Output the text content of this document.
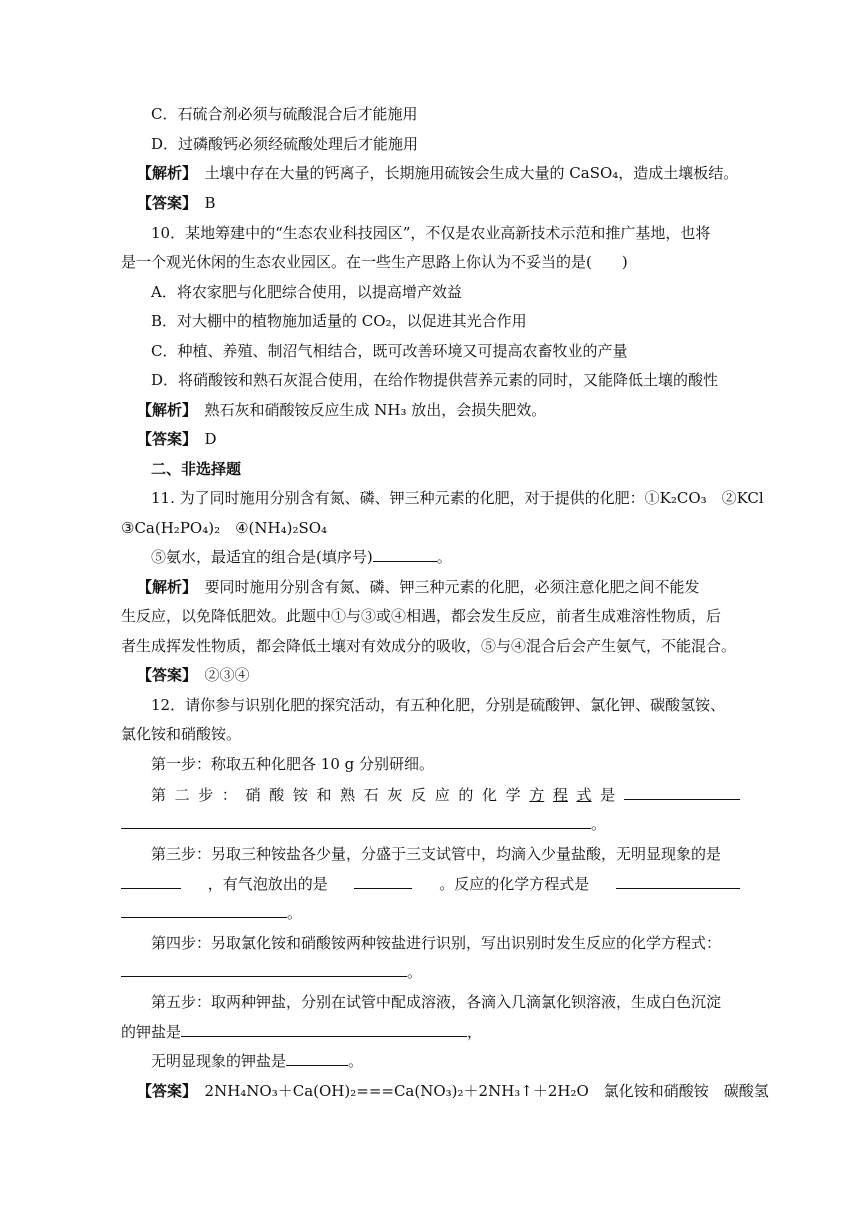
C．石硫合剂必须与硫酸混合后才能施用
D．过磷酸钙必须经硫酸处理后才能施用
【解析】　 土壤中存在大量的钙离子，长期施用硫铵会生成大量的 CaSO₄，造成土壤板结。
【答案】　 B
10．某地筹建中的“生态农业科技园区”，不仅是农业高新技术示范和推广基地，也将
是一个观光休闲的生态农业园区。在一些生产思路上你认为不妥当的是(　　)
A．将农家肥与化肥综合使用，以提高增产效益
B．对大棚中的植物施加适量的 CO₂，以促进其光合作用
C．种植、养殖、制沼气相结合，既可改善环境又可提高农畜牧业的产量
D．将硝酸铵和熟石灰混合使用，在给作物提供营养元素的同时，又能降低土壤的酸性
【解析】　 熟石灰和硝酸铵反应生成 NH₃ 放出，会损失肥效。
【答案】　 D
二、非选择题
11. 为了同时施用分别含有氮、磷、钾三种元素的化肥，对于提供的化肥：①K₂CO₃　②KCl
③Ca(H₂PO₄)₂　④(NH₄)₂SO₄
⑤氨水，最适宜的组合是(填序号)	。
【解析】　 要同时施用分别含有氮、磷、钾三种元素的化肥，必须注意化肥之间不能发
生反应，以免降低肥效。此题中①与③或④相遇，都会发生反应，前者生成难溶性物质，后
者生成挥发性物质，都会降低土壤对有效成分的吸收，⑤与④混合后会产生氨气，不能混合。
【答案】　 ②③④
12．请你参与识别化肥的探究活动，有五种化肥，分别是硫酸钾、氯化钾、碳酸氢铵、
氯化铵和硝酸铵。
第一步：称取五种化肥各 10 g 分别研细。
第 二 步 ： 硝 酸 铵 和 熟 石 灰 反 应 的 化 学 方 程 式 是
。
第三步：另取三种铵盐各少量，分盛于三支试管中，均滴入少量盐酸，无明显现象的是
，有气泡放出的是	。反应的化学方程式是
。
第四步：另取氯化铵和硝酸铵两种铵盐进行识别，写出识别时发生反应的化学方程式：
。
第五步：取两种钾盐，分别在试管中配成溶液，各滴入几滴氯化钡溶液，生成白色沉淀
的钾盐是	，
无明显现象的钾盐是	。
【答案】　 2NH₄NO₃＋Ca(OH)₂===Ca(NO₃)₂＋2NH₃↑＋2H₂O　氯化铵和硝酸铵　碳酸氢
